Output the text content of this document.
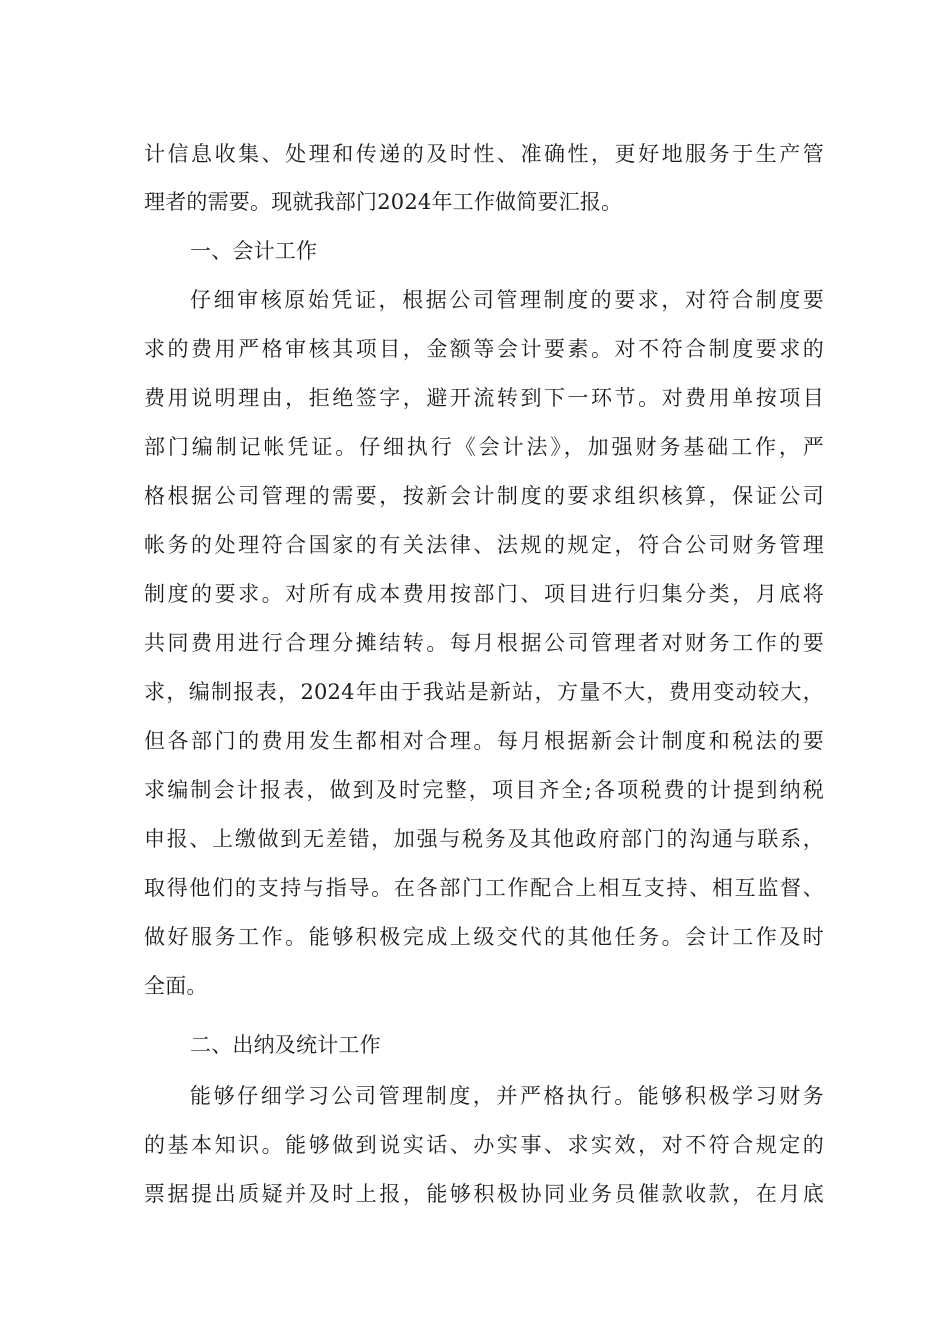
计信息收集、处理和传递的及时性、准确性，更好地服务于生产管
理者的需要。现就我部门2024年工作做简要汇报。
一、会计工作
仔细审核原始凭证，根据公司管理制度的要求，对符合制度要
求的费用严格审核其项目，金额等会计要素。对不符合制度要求的
费用说明理由，拒绝签字，避开流转到下一环节。对费用单按项目
部门编制记帐凭证。仔细执行《会计法》，加强财务基础工作，严
格根据公司管理的需要，按新会计制度的要求组织核算，保证公司
帐务的处理符合国家的有关法律、法规的规定，符合公司财务管理
制度的要求。对所有成本费用按部门、项目进行归集分类，月底将
共同费用进行合理分摊结转。每月根据公司管理者对财务工作的要
求，编制报表，2024年由于我站是新站，方量不大，费用变动较大，
但各部门的费用发生都相对合理。每月根据新会计制度和税法的要
求编制会计报表，做到及时完整，项目齐全;各项税费的计提到纳税
申报、上缴做到无差错，加强与税务及其他政府部门的沟通与联系，
取得他们的支持与指导。在各部门工作配合上相互支持、相互监督、
做好服务工作。能够积极完成上级交代的其他任务。会计工作及时
全面。
二、出纳及统计工作
能够仔细学习公司管理制度，并严格执行。能够积极学习财务
的基本知识。能够做到说实话、办实事、求实效，对不符合规定的
票据提出质疑并及时上报，能够积极协同业务员催款收款，在月底
